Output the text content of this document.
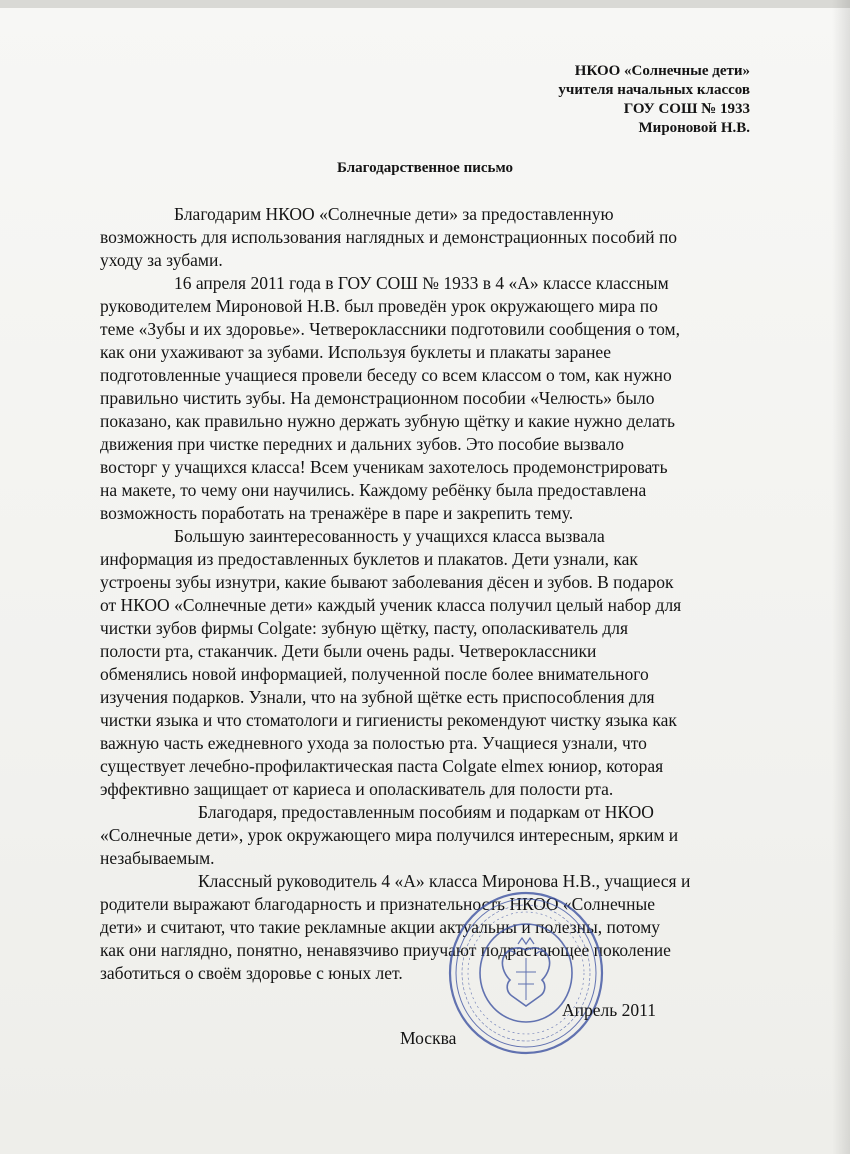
НКОО «Солнечные дети»
учителя начальных классов
ГОУ СОШ № 1933
Мироновой Н.В.
Благодарственное письмо
Благодарим НКОО «Солнечные дети» за предоставленную
возможность для использования наглядных и демонстрационных пособий по
уходу за зубами.
16 апреля 2011 года в ГОУ СОШ № 1933 в 4 «А» классе классным
руководителем Мироновой Н.В. был проведён урок окружающего мира по
теме «Зубы и их здоровье». Четвероклассники подготовили сообщения о том,
как они ухаживают за зубами. Используя буклеты и плакаты заранее
подготовленные учащиеся провели беседу со всем классом о том, как нужно
правильно чистить зубы. На демонстрационном пособии «Челюсть» было
показано, как правильно нужно держать зубную щётку и какие нужно делать
движения при чистке передних и дальних зубов. Это пособие вызвало
восторг у учащихся класса! Всем ученикам захотелось продемонстрировать
на макете, то чему они научились. Каждому ребёнку была предоставлена
возможность поработать на тренажёре в паре и закрепить тему.
Большую заинтересованность у учащихся класса вызвала
информация из предоставленных буклетов и плакатов. Дети узнали, как
устроены зубы изнутри, какие бывают заболевания дёсен и зубов. В подарок
от НКОО «Солнечные дети» каждый ученик класса получил целый набор для
чистки зубов фирмы Colgate: зубную щётку, пасту, ополаскиватель для
полости рта, стаканчик. Дети были очень рады. Четвероклассники
обменялись новой информацией, полученной после более внимательного
изучения подарков. Узнали, что на зубной щётке есть приспособления для
чистки языка и что стоматологи и гигиенисты рекомендуют чистку языка как
важную часть ежедневного ухода за полостью рта. Учащиеся узнали, что
существует лечебно-профилактическая паста Colgate elmex юниор, которая
эффективно защищает от кариеса и ополаскиватель для полости рта.
Благодаря, предоставленным пособиям и подаркам от НКОО
«Солнечные дети», урок окружающего мира получился интересным, ярким и
незабываемым.
Классный руководитель 4 «А» класса Миронова Н.В., учащиеся и
родители выражают благодарность и признательность НКОО «Солнечные
дети» и считают, что такие рекламные акции актуальны и полезны, потому
как они наглядно, понятно, ненавязчиво приучают подрастающее поколение
заботиться о своём здоровье с юных лет.
Апрель 2011
Москва
